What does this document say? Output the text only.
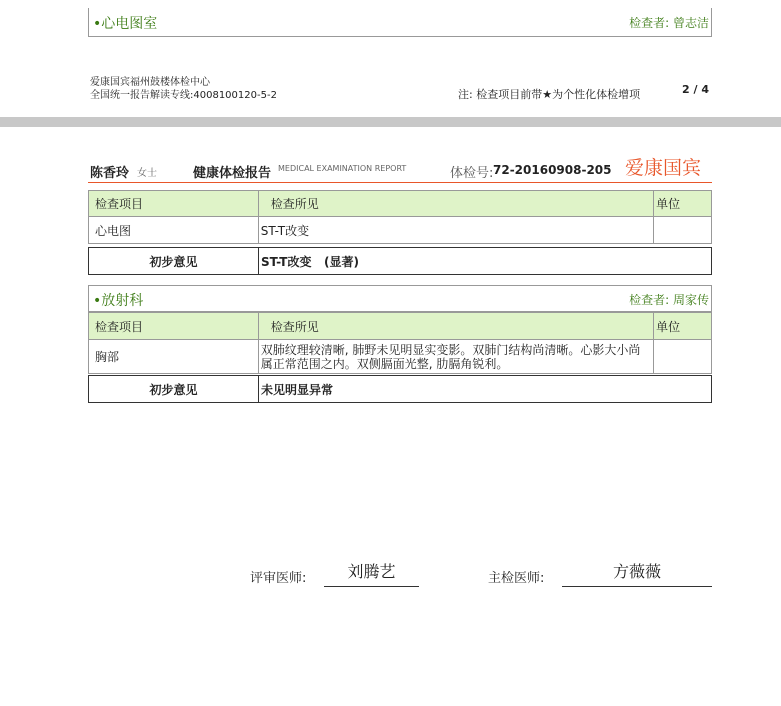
•心电图室	检查者: 曾志洁
爱康国宾福州鼓楼体检中心
全国统一报告解读专线:4008100120-5-2	注: 检查项目前带★为个性化体检增项	2 / 4
陈香玲 女士	健康体检报告 MEDICAL EXAMINATION REPORT	体检号: 72-20160908-205 爱康国宾
检查项目	检查所见	单位
心电图	ST-T改变	
初步意见	ST-T改变   (显著)
•放射科	检查者: 周家传
检查项目	检查所见	单位
胸部	双肺纹理较清晰, 肺野未见明显实变影。双肺门结构尚清晰。心影大小尚属正常范围之内。双侧膈面光整, 肋膈角锐利。	
初步意见	未见明显异常
评审医师:	刘腾艺	主检医师:	方薇薇
